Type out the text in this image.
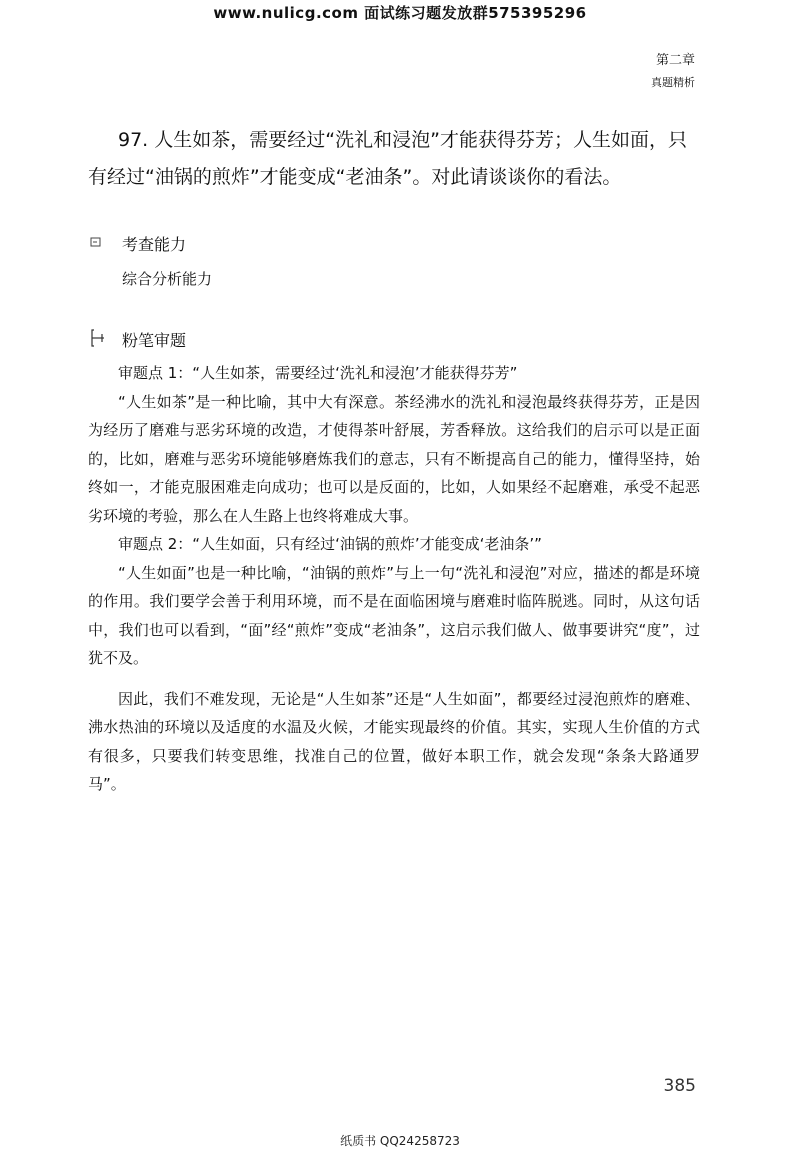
www.nulicg.com 面试练习题发放群575395296
第二章
真题精析
97. 人生如茶，需要经过“洗礼和浸泡”才能获得芬芳；人生如面，只有经过“油锅的煎炸”才能变成“老油条”。对此请谈谈你的看法。
考查能力
综合分析能力
粉笔审题

审题点 1：“人生如茶，需要经过‘洗礼和浸泡’才能获得芬芳”

“人生如茶”是一种比喻，其中大有深意。茶经沸水的洗礼和浸泡最终获得芬芳，正是因为经历了磨难与恶劣环境的改造，才使得茶叶舒展，芳香释放。这给我们的启示可以是正面的，比如，磨难与恶劣环境能够磨炼我们的意志，只有不断提高自己的能力，懂得坚持，始终如一，才能克服困难走向成功；也可以是反面的，比如，人如果经不起磨难，承受不起恶劣环境的考验，那么在人生路上也终将难成大事。

审题点 2：“人生如面，只有经过‘油锅的煎炸’才能变成‘老油条’”

“人生如面”也是一种比喻，“油锅的煎炸”与上一句“洗礼和浸泡”对应，描述的都是环境的作用。我们要学会善于利用环境，而不是在面临困境与磨难时临阵脱逃。同时，从这句话中，我们也可以看到，“面”经“煎炸”变成“老油条”，这启示我们做人、做事要讲究“度”，过犹不及。

因此，我们不难发现，无论是“人生如茶”还是“人生如面”，都要经过浸泡煎炸的磨难、沸水热油的环境以及适度的水温及火候，才能实现最终的价值。其实，实现人生价值的方式有很多，只要我们转变思维，找准自己的位置，做好本职工作，就会发现“条条大路通罗马”。

385
纸质书 QQ24258723
